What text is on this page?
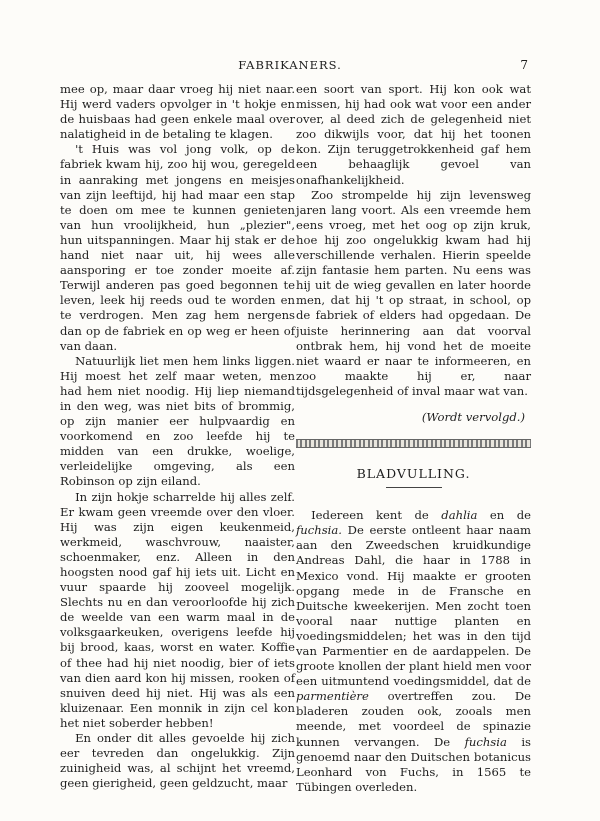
FABRIKANERS.	7

mee op, maar daar vroeg hij niet naar. Hij werd vaders opvolger in 't hokje en de huisbaas had geen enkele maal over nalatigheid in de betaling te klagen.

't Huis was vol jong volk, op de fabriek kwam hij, zoo hij wou, geregeld in aanraking met jongens en meisjes van zijn leeftijd, hij had maar een stap te doen om mee te kunnen genieten van hun vroolijkheid, hun „plezier", hun uitspanningen. Maar hij stak er de hand niet naar uit, hij wees alle aansporing er toe zonder moeite af. Terwijl anderen pas goed begonnen te leven, leek hij reeds oud te worden en te verdrogen. Men zag hem nergens dan op de fabriek en op weg er heen of van daan.

Natuurlijk liet men hem links liggen. Hij moest het zelf maar weten, men had hem niet noodig. Hij liep niemand in den weg, was niet bits of brommig, op zijn manier eer hulpvaardig en voorkomend en zoo leefde hij te midden van een drukke, woelige, verleidelijke omgeving, als een Robinson op zijn eiland.

In zijn hokje scharrelde hij alles zelf. Er kwam geen vreemde over den vloer. Hij was zijn eigen keukenmeid, werkmeid, waschvrouw, naaister, schoenmaker, enz. Alleen in den hoogsten nood gaf hij iets uit. Licht en vuur spaarde hij zooveel mogelijk. Slechts nu en dan veroorloofde hij zich de weelde van een warm maal in de volksgaarkeuken, overigens leefde hij bij brood, kaas, worst en water. Koffie of thee had hij niet noodig, bier of iets van dien aard kon hij missen, rooken of snuiven deed hij niet. Hij was als een kluizenaar. Een monnik in zijn cel kon het niet soberder hebben!

En onder dit alles gevoelde hij zich eer tevreden dan ongelukkig. Zijn zuinigheid was, al schijnt het vreemd, geen gierigheid, geen geldzucht, maar

een soort van sport. Hij kon ook wat missen, hij had ook wat voor een ander over, al deed zich de gelegenheid niet zoo dikwijls voor, dat hij het toonen kon. Zijn teruggetrokkenheid gaf hem een behaaglijk gevoel van onafhankelijkheid.

Zoo strompelde hij zijn levensweg jaren lang voort. Als een vreemde hem eens vroeg, met het oog op zijn kruk, hoe hij zoo ongelukkig kwam had hij verschillende verhalen. Hierin speelde zijn fantasie hem parten. Nu eens was hij uit de wieg gevallen en later hoorde men, dat hij 't op straat, in school, op de fabriek of elders had opgedaan. De juiste herinnering aan dat voorval ontbrak hem, hij vond het de moeite niet waard er naar te informeeren, en zoo maakte hij er, naar tijdsgelegenheid of inval maar wat van.

(Wordt vervolgd.)

BLADVULLING.

Iedereen kent de dahlia en de fuchsia. De eerste ontleent haar naam aan den Zweedschen kruidkundige Andreas Dahl, die haar in 1788 in Mexico vond. Hij maakte er grooten opgang mede in de Fransche en Duitsche kweekerijen. Men zocht toen vooral naar nuttige planten en voedingsmiddelen; het was in den tijd van Parmentier en de aardappelen. De groote knollen der plant hield men voor een uitmuntend voedingsmiddel, dat de parmentière overtreffen zou. De bladeren zouden ook, zooals men meende, met voordeel de spinazie kunnen vervangen. De fuchsia is genoemd naar den Duitschen botanicus Leonhard von Fuchs, in 1565 te Tübingen overleden.
